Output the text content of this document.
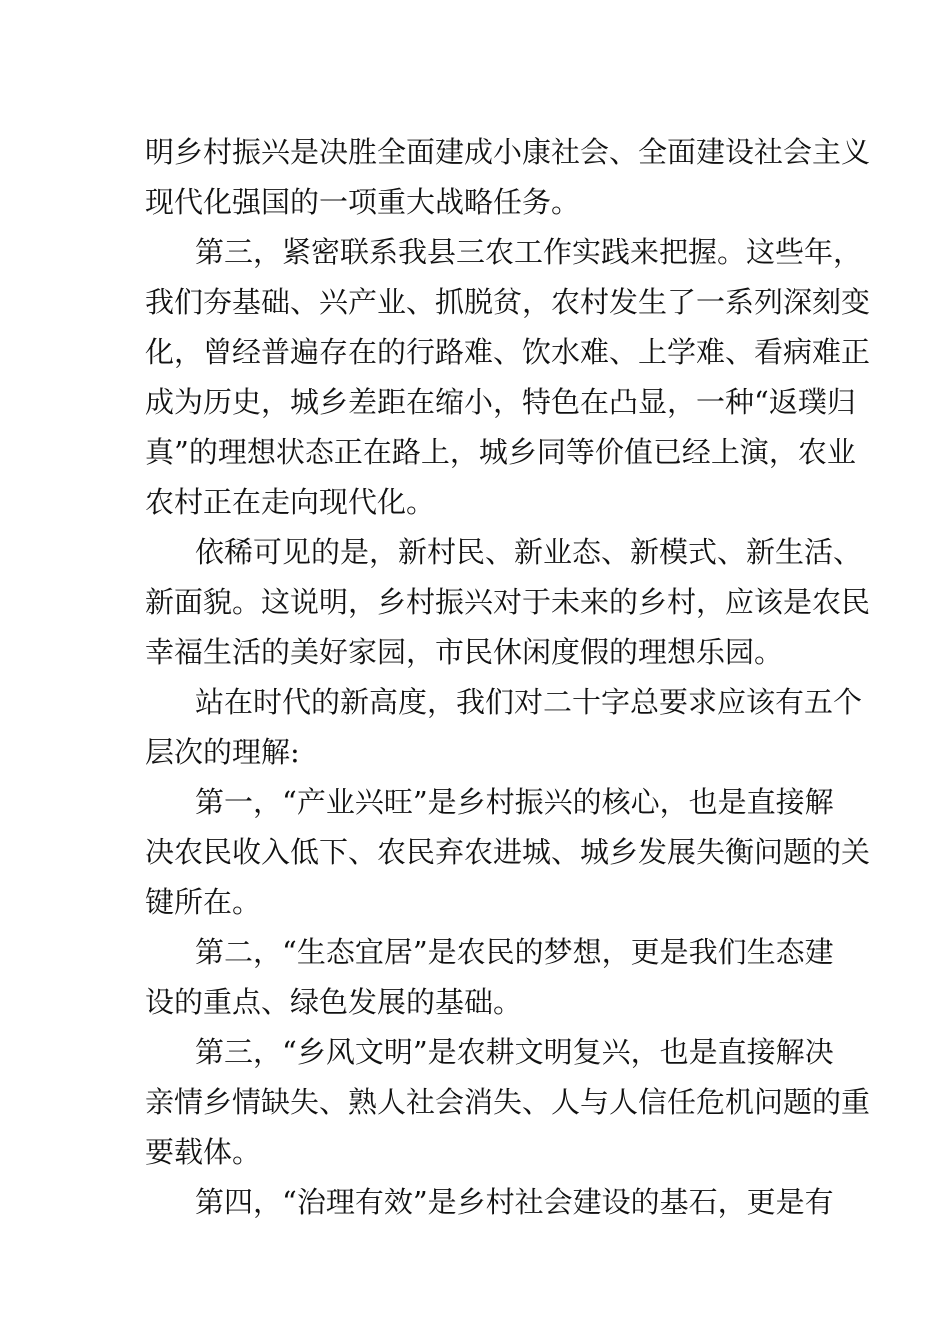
明乡村振兴是决胜全面建成小康社会、全面建设社会主义
现代化强国的一项重大战略任务。
第三，紧密联系我县三农工作实践来把握。这些年，
我们夯基础、兴产业、抓脱贫，农村发生了一系列深刻变
化，曾经普遍存在的行路难、饮水难、上学难、看病难正
成为历史，城乡差距在缩小，特色在凸显，一种“返璞归
真”的理想状态正在路上，城乡同等价值已经上演，农业
农村正在走向现代化。
依稀可见的是，新村民、新业态、新模式、新生活、
新面貌。这说明，乡村振兴对于未来的乡村，应该是农民
幸福生活的美好家园，市民休闲度假的理想乐园。
站在时代的新高度，我们对二十字总要求应该有五个
层次的理解:
第一，“产业兴旺”是乡村振兴的核心，也是直接解
决农民收入低下、农民弃农进城、城乡发展失衡问题的关
键所在。
第二，“生态宜居”是农民的梦想，更是我们生态建
设的重点、绿色发展的基础。
第三，“乡风文明”是农耕文明复兴，也是直接解决
亲情乡情缺失、熟人社会消失、人与人信任危机问题的重
要载体。
第四，“治理有效”是乡村社会建设的基石，更是有
